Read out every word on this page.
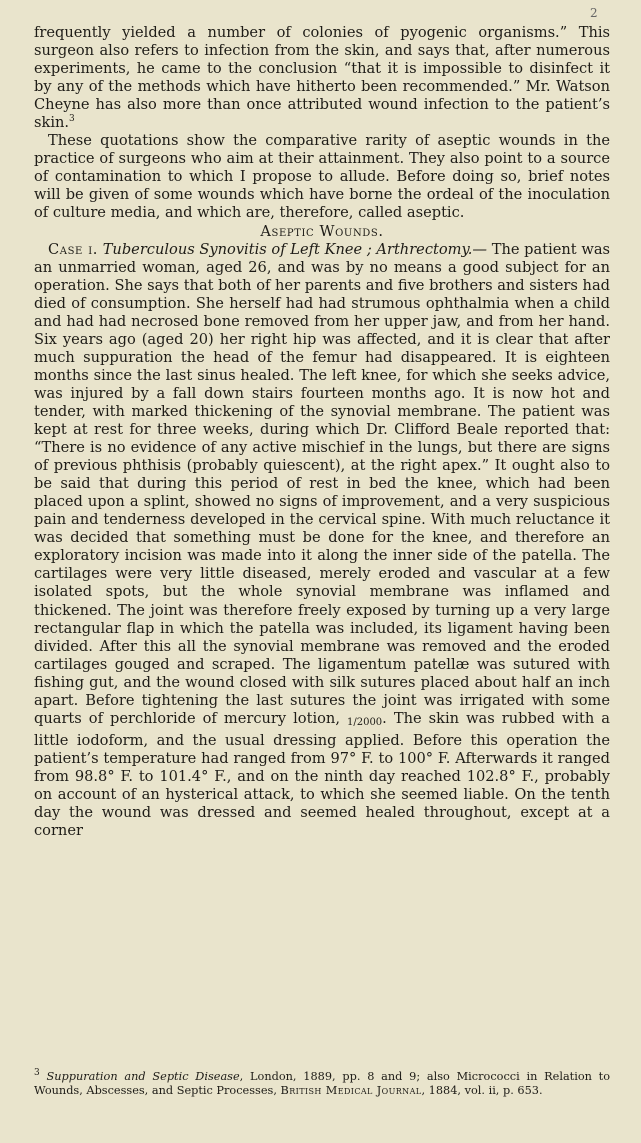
2

frequently yielded a number of colonies of pyogenic organisms.” This surgeon also refers to infection from the skin, and says that, after numerous experiments, he came to the conclusion “that it is impossible to disinfect it by any of the methods which have hitherto been recommended.” Mr. Watson Cheyne has also more than once attributed wound infection to the patient’s skin.$^3$

These quotations show the comparative rarity of aseptic wounds in the practice of surgeons who aim at their attainment. They also point to a source of contamination to which I propose to allude. Before doing so, brief notes will be given of some wounds which have borne the ordeal of the inoculation of culture media, and which are, therefore, called aseptic.

Aseptic Wounds.

Case i. Tuberculous Synovitis of Left Knee ; Arthrectomy.— The patient was an unmarried woman, aged 26, and was by no means a good subject for an operation. She says that both of her parents and five brothers and sisters had died of consumption. She herself had had strumous ophthalmia when a child and had had necrosed bone removed from her upper jaw, and from her hand. Six years ago (aged 20) her right hip was affected, and it is clear that after much suppuration the head of the femur had disappeared. It is eighteen months since the last sinus healed. The left knee, for which she seeks advice, was injured by a fall down stairs fourteen months ago. It is now hot and tender, with marked thickening of the synovial membrane. The patient was kept at rest for three weeks, during which Dr. Clifford Beale reported that: “There is no evidence of any active mischief in the lungs, but there are signs of previous phthisis (probably quiescent), at the right apex.” It ought also to be said that during this period of rest in bed the knee, which had been placed upon a splint, showed no signs of improvement, and a very suspicious pain and tenderness developed in the cervical spine. With much reluctance it was decided that something must be done for the knee, and therefore an exploratory incision was made into it along the inner side of the patella. The cartilages were very little diseased, merely eroded and vascular at a few isolated spots, but the whole synovial membrane was inflamed and thickened. The joint was therefore freely exposed by turning up a very large rectangular flap in which the patella was included, its ligament having been divided. After this all the synovial membrane was removed and the eroded cartilages gouged and scraped. The ligamentum patellæ was sutured with fishing gut, and the wound closed with silk sutures placed about half an inch apart. Before tightening the last sutures the joint was irrigated with some quarts of perchloride of mercury lotion, 1/2000. The skin was rubbed with a little iodoform, and the usual dressing applied. Before this operation the patient’s temperature had ranged from 97° F. to 100° F. Afterwards it ranged from 98.8° F. to 101.4° F., and on the ninth day reached 102.8° F., probably on account of an hysterical attack, to which she seemed liable. On the tenth day the wound was dressed and seemed healed throughout, except at a corner

$^3$ Suppuration and Septic Disease, London, 1889, pp. 8 and 9; also Micrococci in Relation to Wounds, Abscesses, and Septic Processes, British Medical Journal, 1884, vol. ii, p. 653.
